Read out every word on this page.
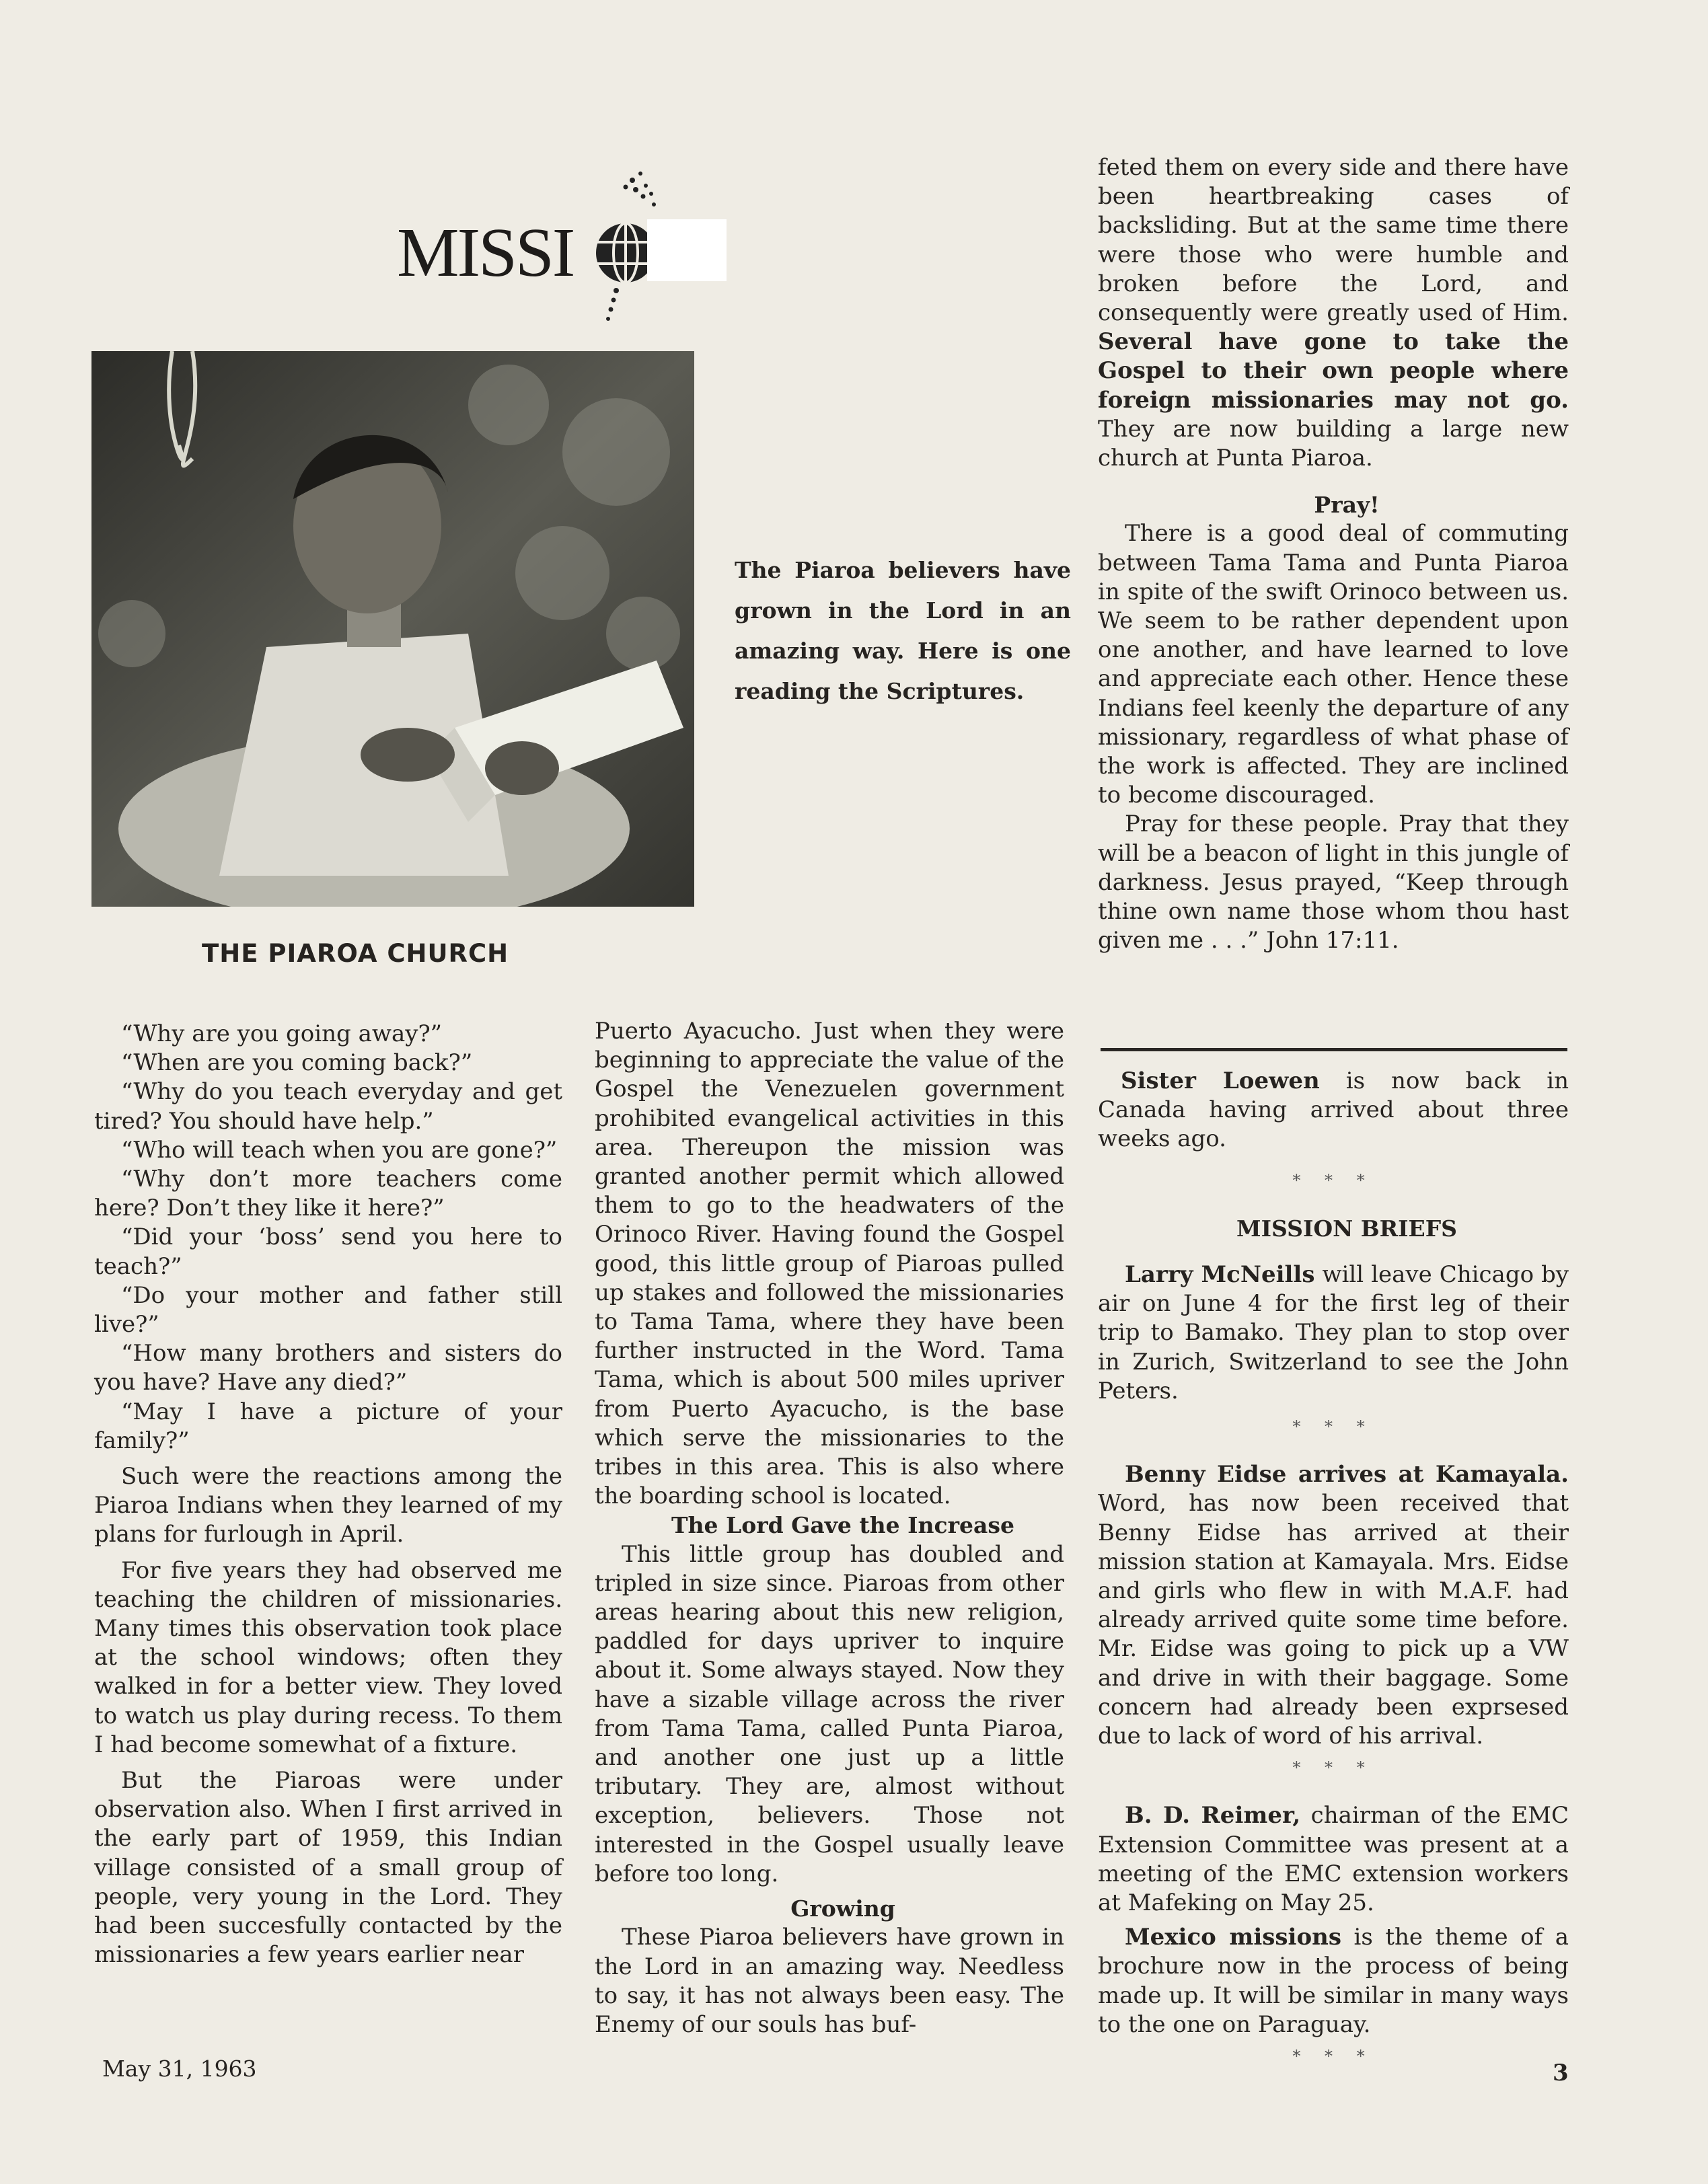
MISSI
The Piaroa believers have grown in the Lord in an amazing way. Here is one reading the Scriptures.
THE PIAROA CHURCH

“Why are you going away?”

“When are you coming back?”

“Why do you teach everyday and get tired? You should have help.”

“Who will teach when you are gone?”

“Why don’t more teachers come here? Don’t they like it here?”

“Did your ‘boss’ send you here to teach?”

“Do your mother and father still live?”

“How many brothers and sisters do you have? Have any died?”

“May I have a picture of your family?”

Such were the reactions among the Piaroa Indians when they learned of my plans for furlough in April.

For five years they had observed me teaching the children of missionaries. Many times this observation took place at the school windows; often they walked in for a better view. They loved to watch us play during recess. To them I had become somewhat of a fixture.

But the Piaroas were under observation also. When I first arrived in the early part of 1959, this Indian village consisted of a small group of people, very young in the Lord. They had been succesfully contacted by the missionaries a few years earlier near

Puerto Ayacucho. Just when they were beginning to appreciate the value of the Gospel the Venezuelen government prohibited evangelical activities in this area. Thereupon the mission was granted another permit which allowed them to go to the headwaters of the Orinoco River. Having found the Gospel good, this little group of Piaroas pulled up stakes and followed the missionaries to Tama Tama, where they have been further instructed in the Word. Tama Tama, which is about 500 miles upriver from Puerto Ayacucho, is the base which serve the missionaries to the tribes in this area. This is also where the boarding school is located.

The Lord Gave the Increase

This little group has doubled and tripled in size since. Piaroas from other areas hearing about this new religion, paddled for days upriver to inquire about it. Some always stayed. Now they have a sizable village across the river from Tama Tama, called Punta Piaroa, and another one just up a little tributary. They are, almost without exception, believers. Those not interested in the Gospel usually leave before too long.

Growing

These Piaroa believers have grown in the Lord in an amazing way. Needless to say, it has not always been easy. The Enemy of our souls has buf-

feted them on every side and there have been heartbreaking cases of backsliding. But at the same time there were those who were humble and broken before the Lord, and consequently were greatly used of Him. Several have gone to take the Gospel to their own people where foreign missionaries may not go. They are now building a large new church at Punta Piaroa.

Pray!

There is a good deal of commuting between Tama Tama and Punta Piaroa in spite of the swift Orinoco between us. We seem to be rather dependent upon one another, and have learned to love and appreciate each other. Hence these Indians feel keenly the departure of any missionary, regardless of what phase of the work is affected. They are inclined to become discouraged.

Pray for these people. Pray that they will be a beacon of light in this jungle of darkness. Jesus prayed, “Keep through thine own name those whom thou hast given me . . .” John 17:11.

Sister Loewen is now back in Canada having arrived about three weeks ago.

* * *

MISSION BRIEFS

Larry McNeills will leave Chicago by air on June 4 for the first leg of their trip to Bamako. They plan to stop over in Zurich, Switzerland to see the John Peters.

* * *

Benny Eidse arrives at Kamayala. Word, has now been received that Benny Eidse has arrived at their mission station at Kamayala. Mrs. Eidse and girls who flew in with M.A.F. had already arrived quite some time before. Mr. Eidse was going to pick up a VW and drive in with their baggage. Some concern had already been exprsesed due to lack of word of his arrival.

* * *

B. D. Reimer, chairman of the EMC Extension Committee was present at a meeting of the EMC extension workers at Mafeking on May 25.

Mexico missions is the theme of a brochure now in the process of being made up. It will be similar in many ways to the one on Paraguay.

* * *

May 31, 1963	3
